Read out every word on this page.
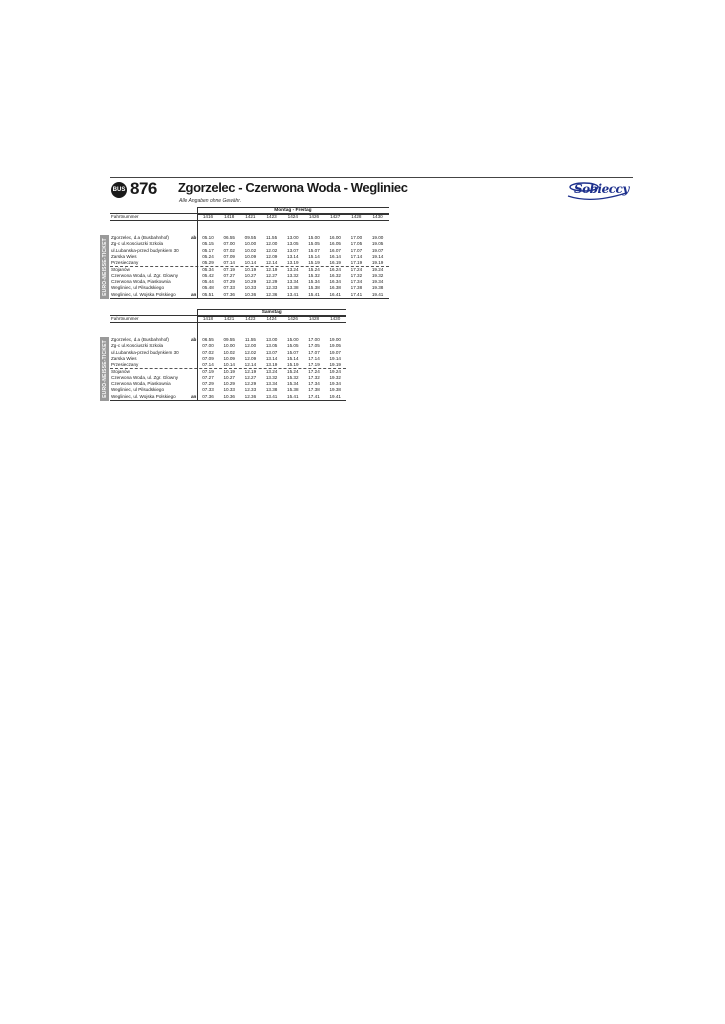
BUS 876 Zgorzelec - Czerwona Woda - Wegliniec
Alle Angaben ohne Gewähr.
Sobieccy
Montag - Freitag
Fahrtnummer	1416	1418	1421	1423	1424	1426	1427	1428	1430
EURO-NEISSE-TICKET
Zgorzelec, d.a (Busbahnhof)	ab	05.10	06.55	09.55	11.55	13.00	15.00	16.00	17.00	19.00
Zg-c ul.Kosciuszki Szkola	05.15	07.00	10.00	12.00	13.05	15.05	16.05	17.05	19.05
ul.Lubanska-przed budynkiem 30	05.17	07.02	10.02	12.02	13.07	15.07	16.07	17.07	19.07
Zarska Wies	05.24	07.09	10.09	12.09	13.14	15.14	16.14	17.14	19.14
Przesieczany	05.29	07.14	10.14	12.14	13.19	15.19	16.19	17.19	19.19
Stojanów	05.34	07.19	10.19	12.19	13.24	15.24	16.24	17.24	19.24
Czerwona Woda, ul. Zgr. Glowny	05.42	07.27	10.27	12.27	13.32	15.32	16.32	17.32	19.32
Czerwona Woda, Piaskownia	05.44	07.29	10.29	12.29	13.34	15.34	16.34	17.34	19.34
Wegliniec, ul Pilsudskiego	05.48	07.33	10.33	12.33	13.38	15.38	16.38	17.38	19.38
Wegliniec, ul. Wojska Polskiego	an	05.51	07.36	10.36	12.36	13.41	15.41	16.41	17.41	19.41
Samstag
Fahrtnummer	1418	1421	1423	1424	1426	1428	1430
EURO-NEISSE-TICKET
Zgorzelec, d.a (Busbahnhof)	ab	06.55	09.55	11.55	13.00	15.00	17.00	19.00
Zg-c ul.Kosciuszki Szkola	07.00	10.00	12.00	13.05	15.05	17.05	19.05
ul.Lubanska-przed budynkiem 30	07.02	10.02	12.02	13.07	15.07	17.07	19.07
Zarska Wies	07.09	10.09	12.09	13.14	15.14	17.14	19.14
Przesieczany	07.14	10.14	12.14	13.19	15.19	17.19	19.19
Stojanów	07.19	10.19	12.19	13.24	15.24	17.24	19.24
Czerwona Woda, ul. Zgr. Glowny	07.27	10.27	12.27	13.32	15.32	17.32	19.32
Czerwona Woda, Piaskownia	07.29	10.29	12.29	13.34	15.34	17.34	19.34
Wegliniec, ul Pilsudskiego	07.33	10.33	12.33	13.38	15.38	17.38	19.38
Wegliniec, ul. Wojska Polskiego	an	07.36	10.36	12.36	13.41	15.41	17.41	19.41
